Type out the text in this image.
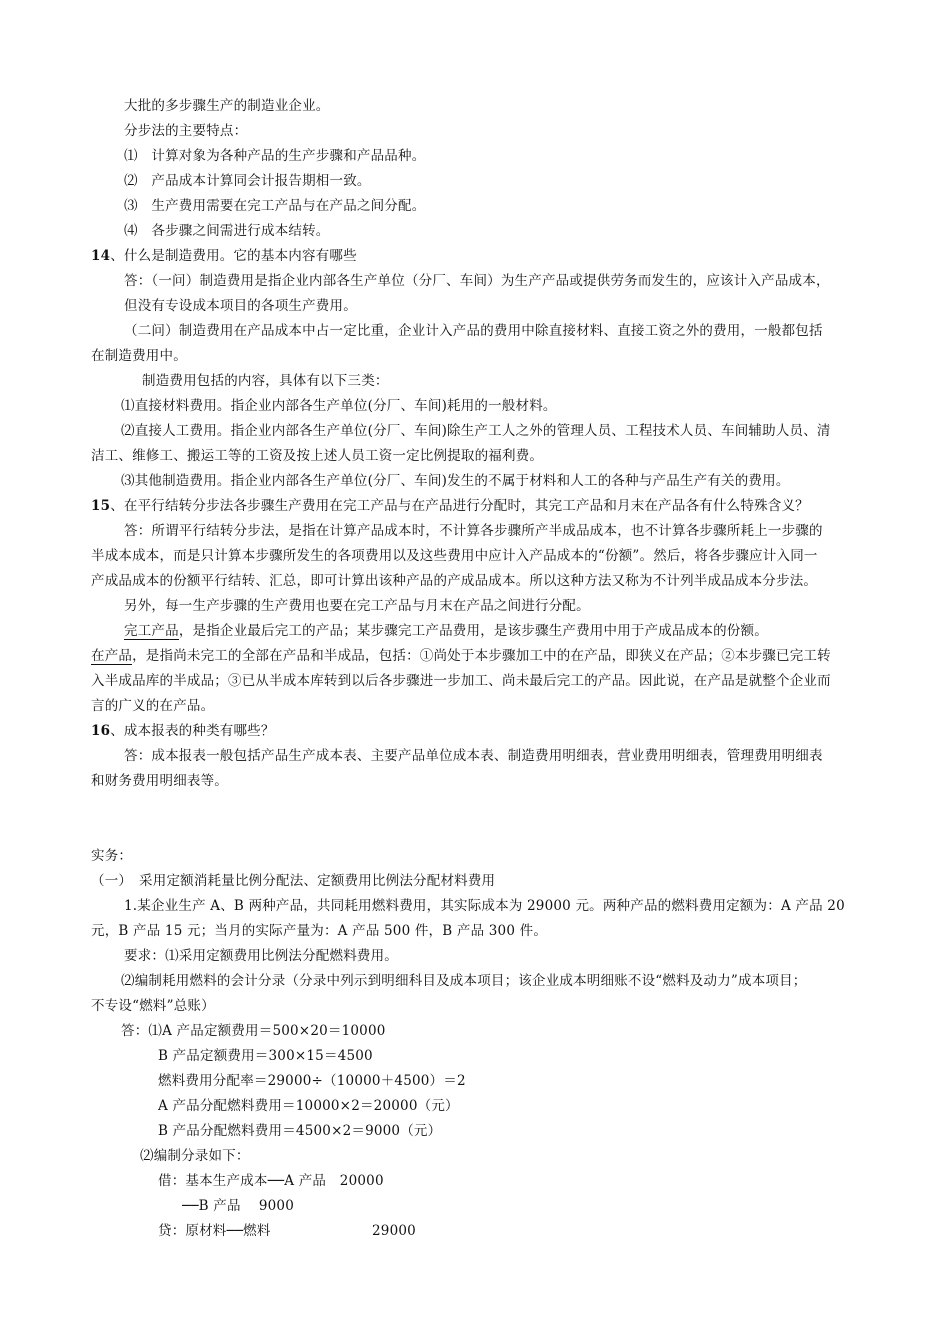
大批的多步骤生产的制造业企业。
分步法的主要特点：
⑴　计算对象为各种产品的生产步骤和产品品种。
⑵　产品成本计算同会计报告期相一致。
⑶　生产费用需要在完工产品与在产品之间分配。
⑷　各步骤之间需进行成本结转。
14、什么是制造费用。它的基本内容有哪些
答：（一问）制造费用是指企业内部各生产单位（分厂、车间）为生产产品或提供劳务而发生的，应该计入产品成本，
但没有专设成本项目的各项生产费用。
（二问）制造费用在产品成本中占一定比重，企业计入产品的费用中除直接材料、直接工资之外的费用，一般都包括
在制造费用中。
制造费用包括的内容，具体有以下三类：
⑴直接材料费用。指企业内部各生产单位(分厂、车间)耗用的一般材料。
⑵直接人工费用。指企业内部各生产单位(分厂、车间)除生产工人之外的管理人员、工程技术人员、车间辅助人员、清
洁工、维修工、搬运工等的工资及按上述人员工资一定比例提取的福利费。
⑶其他制造费用。指企业内部各生产单位(分厂、车间)发生的不属于材料和人工的各种与产品生产有关的费用。
15、在平行结转分步法各步骤生产费用在完工产品与在产品进行分配时，其完工产品和月末在产品各有什么特殊含义？
答：所谓平行结转分步法，是指在计算产品成本时，不计算各步骤所产半成品成本，也不计算各步骤所耗上一步骤的
半成本成本，而是只计算本步骤所发生的各项费用以及这些费用中应计入产品成本的“份额”。然后，将各步骤应计入同一
产成品成本的份额平行结转、汇总，即可计算出该种产品的产成品成本。所以这种方法又称为不计列半成品成本分步法。
另外，每一生产步骤的生产费用也要在完工产品与月末在产品之间进行分配。
完工产品，是指企业最后完工的产品；某步骤完工产品费用，是该步骤生产费用中用于产成品成本的份额。
在产品，是指尚未完工的全部在产品和半成品，包括：①尚处于本步骤加工中的在产品，即狭义在产品；②本步骤已完工转
入半成品库的半成品；③已从半成本库转到以后各步骤进一步加工、尚未最后完工的产品。因此说，在产品是就整个企业而
言的广义的在产品。
16、成本报表的种类有哪些？
答：成本报表一般包括产品生产成本表、主要产品单位成本表、制造费用明细表，营业费用明细表，管理费用明细表
和财务费用明细表等。
实务：
（一）　采用定额消耗量比例分配法、定额费用比例法分配材料费用
1.某企业生产 A、B 两种产品，共同耗用燃料费用，其实际成本为 29000 元。两种产品的燃料费用定额为：A 产品 20
元，B 产品 15 元；当月的实际产量为：A 产品 500 件，B 产品 300 件。
要求：⑴采用定额费用比例法分配燃料费用。
⑵编制耗用燃料的会计分录（分录中列示到明细科目及成本项目；该企业成本明细账不设“燃料及动力”成本项目；
不专设“燃料”总账）
答：⑴A 产品定额费用＝500×20＝10000
B 产品定额费用＝300×15＝4500
燃料费用分配率＝29000÷（10000＋4500）＝2
A 产品分配燃料费用＝10000×2＝20000（元）
B 产品分配燃料费用＝4500×2＝9000（元）
⑵编制分录如下：
借：基本生产成本──A 产品　20000
──B 产品　 9000
贷：原材料──燃料	29000
